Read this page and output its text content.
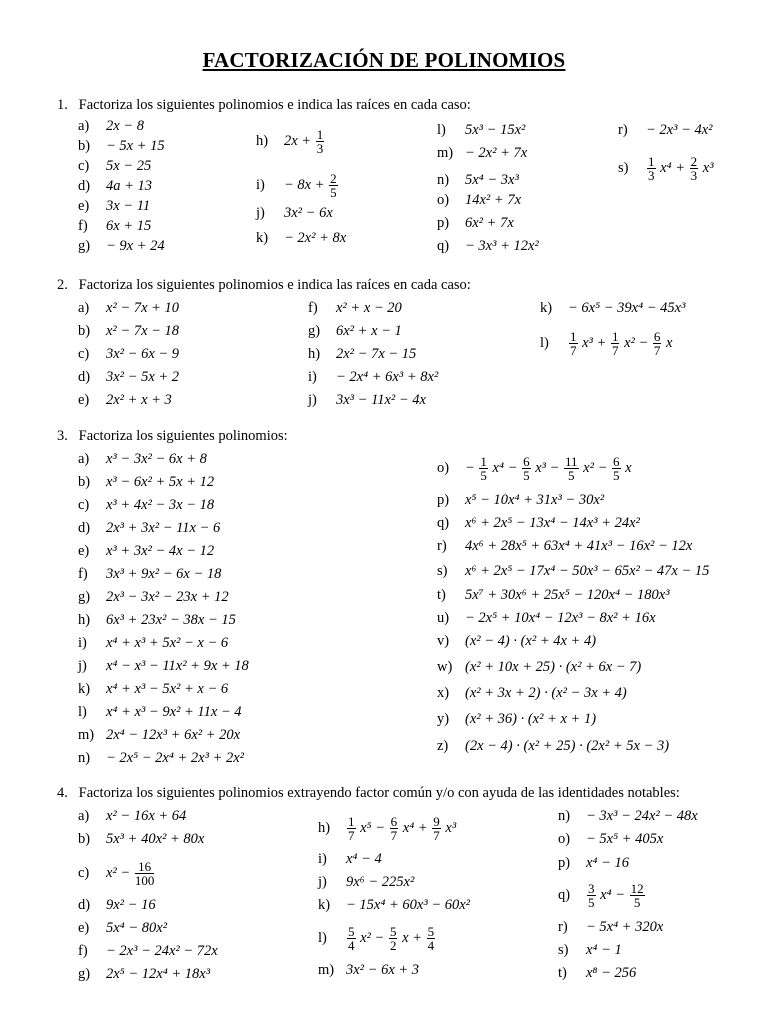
FACTORIZACIÓN DE POLINOMIOS
1. Factoriza los siguientes polinomios e indica las raíces en cada caso:
2. Factoriza los siguientes polinomios e indica las raíces en cada caso:
3. Factoriza los siguientes polinomios:
4. Factoriza los siguientes polinomios extrayendo factor común y/o con ayuda de las identidades notables:
a) 2x − 8
b) − 5x + 15
c) 5x − 25
d) 4a + 13
e) 3x − 11
f) 6x + 15
g) − 9x + 24
h) $2x + \frac{1}{3}$
$i) - 8x + \frac{2}{5}$
j) 3x² − 6x
k) − 2x² + 8x
l) 5x³ − 15x²
m) − 2x² + 7x
n) 5x⁴ − 3x³
o) 14x² + 7x
p) 6x² + 7x
q) − 3x³ + 12x²
r) − 2x³ − 4x²
$s) \frac{1}{3} x^4 + \frac{2}{3} x^3$
a) x² − 7x + 10
b) x² − 7x − 18
c) 3x² − 6x − 9
d) 3x² − 5x + 2
e) 2x² + x + 3
f) x² + x − 20
g) 6x² + x − 1
h) 2x² − 7x − 15
i) − 2x⁴ + 6x³ + 8x²
j) 3x³ − 11x² − 4x
k) − 6x⁵ − 39x⁴ − 45x³
$l) \frac{1}{7} x^3 + \frac{1}{7} x^2 - \frac{6}{7}$ x
a) x³ − 3x² − 6x + 8
b) x³ − 6x² + 5x + 12
c) x³ + 4x² − 3x − 18
d) 2x³ + 3x² − 11x − 6
e) x³ + 3x² − 4x − 12
f) 3x³ + 9x² − 6x − 18
g) 2x³ − 3x² − 23x + 12
h) 6x³ + 23x² − 38x − 15
i) x⁴ + x³ + 5x² − x − 6
j) x⁴ − x³ − 11x² + 9x + 18
k) x⁴ + x³ − 5x² + x − 6
l) x⁴ + x³ − 9x² + 11x − 4
m) 2x⁴ − 12x³ + 6x² + 20x
n) − 2x⁵ − 2x⁴ + 2x³ + 2x²
$o) - \frac{1}{5} x^4 - \frac{6}{5} x^3 - \frac{11}{5} x^2 - \frac{6}{5}$ x
p) x⁵ − 10x⁴ + 31x³ − 30x²
q) x⁶ + 2x⁵ − 13x⁴ − 14x³ + 24x²
r) 4x⁶ + 28x⁵ + 63x⁴ + 41x³ − 16x² − 12x
s) x⁶ + 2x⁵ − 17x⁴ − 50x³ − 65x² − 47x − 15
t) 5x⁷ + 30x⁶ + 25x⁵ − 120x⁴ − 180x³
u) − 2x⁵ + 10x⁴ − 12x³ − 8x² + 16x
v) (x² − 4) · (x² + 4x + 4)
w) (x² + 10x + 25) · (x² + 6x − 7)
x) (x² + 3x + 2) · (x² − 3x + 4)
y) (x² + 36) · (x² + x + 1)
z) (2x − 4) · (x² + 25) · (2x² + 5x − 3)
a) x² − 16x + 64
b) 5x³ + 40x² + 80x
c) $x^2 - \frac{16}{100}$
d) 9x² − 16
e) 5x⁴ − 80x²
f) − 2x³ − 24x² − 72x
g) 2x⁵ − 12x⁴ + 18x³
$h) \frac{1}{7} x^5 - \frac{6}{7} x^4 + \frac{9}{7} x^3$
i) x⁴ − 4
j) 9x⁶ − 225x²
k) − 15x⁴ + 60x³ − 60x²
$l) \frac{5}{4} x^2 - \frac{5}{2}$ $x + \frac{5}{4}$
m) 3x² − 6x + 3
n) − 3x³ − 24x² − 48x
o) − 5x⁵ + 405x
p) x⁴ − 16
$q) \frac{3}{5} x^4 - \frac{12}{5}$
r) − 5x⁴ + 320x
s) x⁴ − 1
t) x⁸ − 256
